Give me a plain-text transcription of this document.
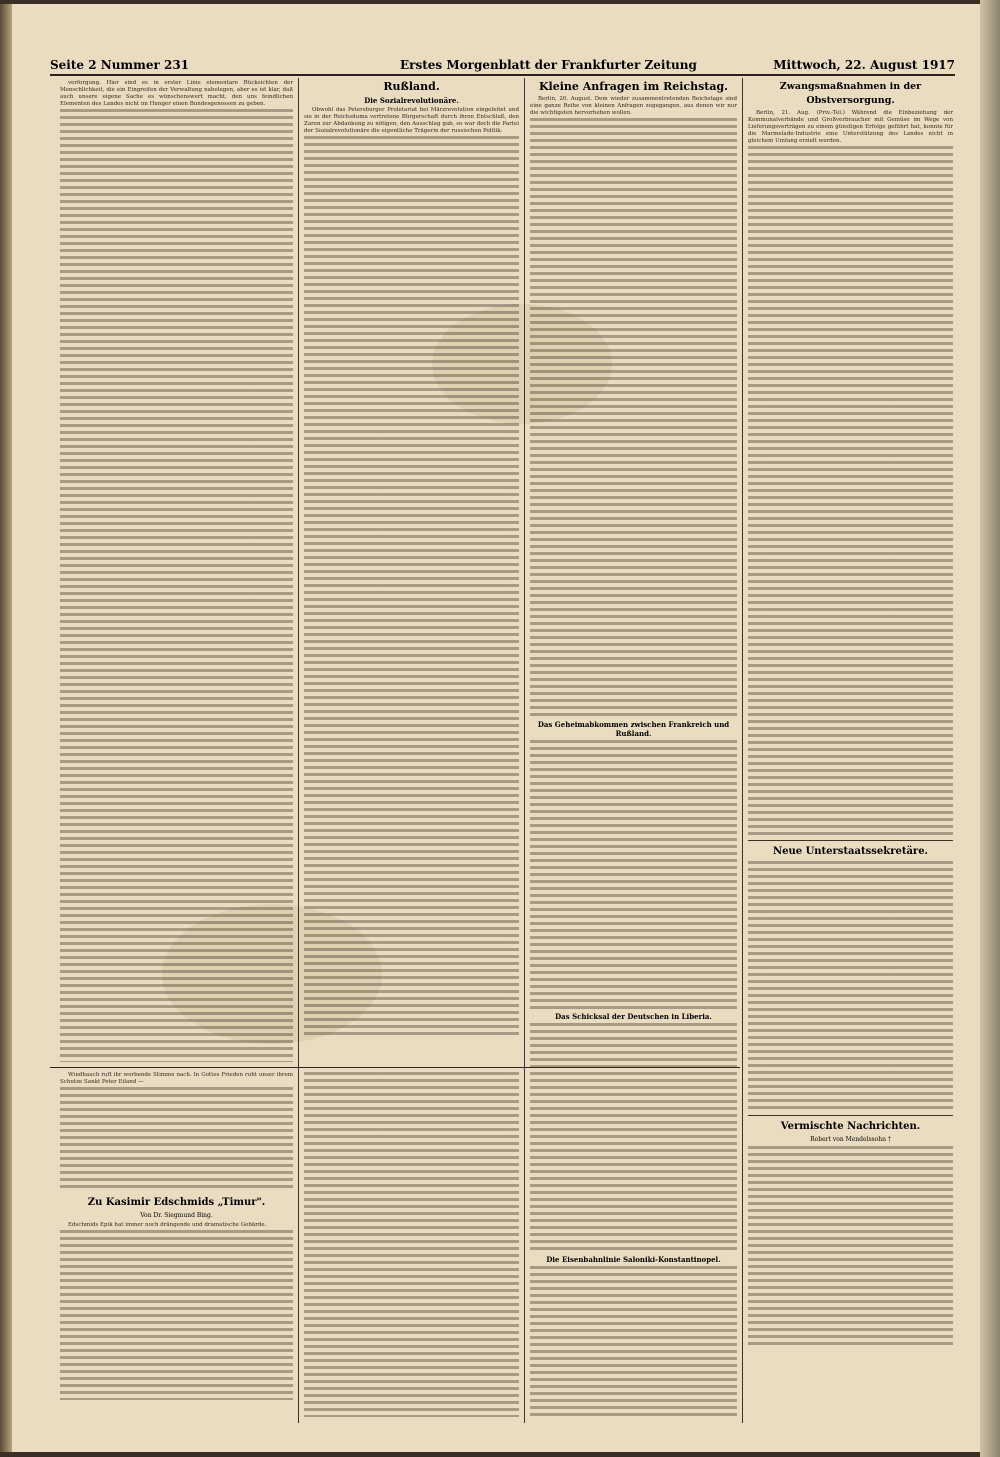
Seite 2 Nummer 231	Erstes Morgenblatt der Frankfurter Zeitung	Mittwoch, 22. August 1917

verforgung. Hier sind es in erster Linie elementare Rücksichten der Menschlichkeit, die ein Eingreifen der Verwaltung nahelegen, aber es ist klar, daß auch unsere eigene Sache es wünschenswert macht, den uns feindlichen Elementen des Landes nicht im Hunger einen Bundesgenossen zu geben.

Rußland.
Die Sozialrevolutionäre.

Obwohl das Petersburger Proletariat bei Märzrevolution eingeleitet und sie in der Reichsduma vertretene Bürgerschaft durch ihren Entschluß, den Zaren zur Abdankung zu nötigen, den Ausschlag gab, so war doch die Partei der Sozialrevolutionäre die eigentliche Trägerin der russischen Politik.

Kleine Anfragen im Reichstag.

Berlin, 20. August. Dem wieder zusammentretenden Reichstage sind eine ganze Reihe von kleinen Anfragen zugegangen, aus denen wir nur die wichtigsten hervorheben wollen.

Das Geheimabkommen zwischen Frankreich und Rußland.
Das Schicksal der Deutschen in Liberia.
Die Eisenbahnlinie Saloniki-Konstantinopel.
Zwangsmaßnahmen in der Obstversorgung.

Berlin, 21. Aug. (Priv.-Tel.) Während die Einbeziehung der Kommunalverbände und Großverbraucher mit Gemüse im Wege von Lieferungsverträgen zu einem günstigen Erfolge geführt hat, konnte für die Marmelade-Industrie eine Unterstützung des Landes nicht in gleichem Umfang erzielt werden.

Neue Unterstaatssekretäre.
Vermischte Nachrichten.
Robert von Mendelssohn †

Windhauch ruft ihr werbende Stimme nach. In Gottes Frieden ruht unser ihrem Schutze Sankt Peter Eiland —

Zu Kasimir Edschmids „Timur".
Von Dr. Siegmund Bing.

Edschmids Epik hat immer noch drängende und dramatische Gebärde.
